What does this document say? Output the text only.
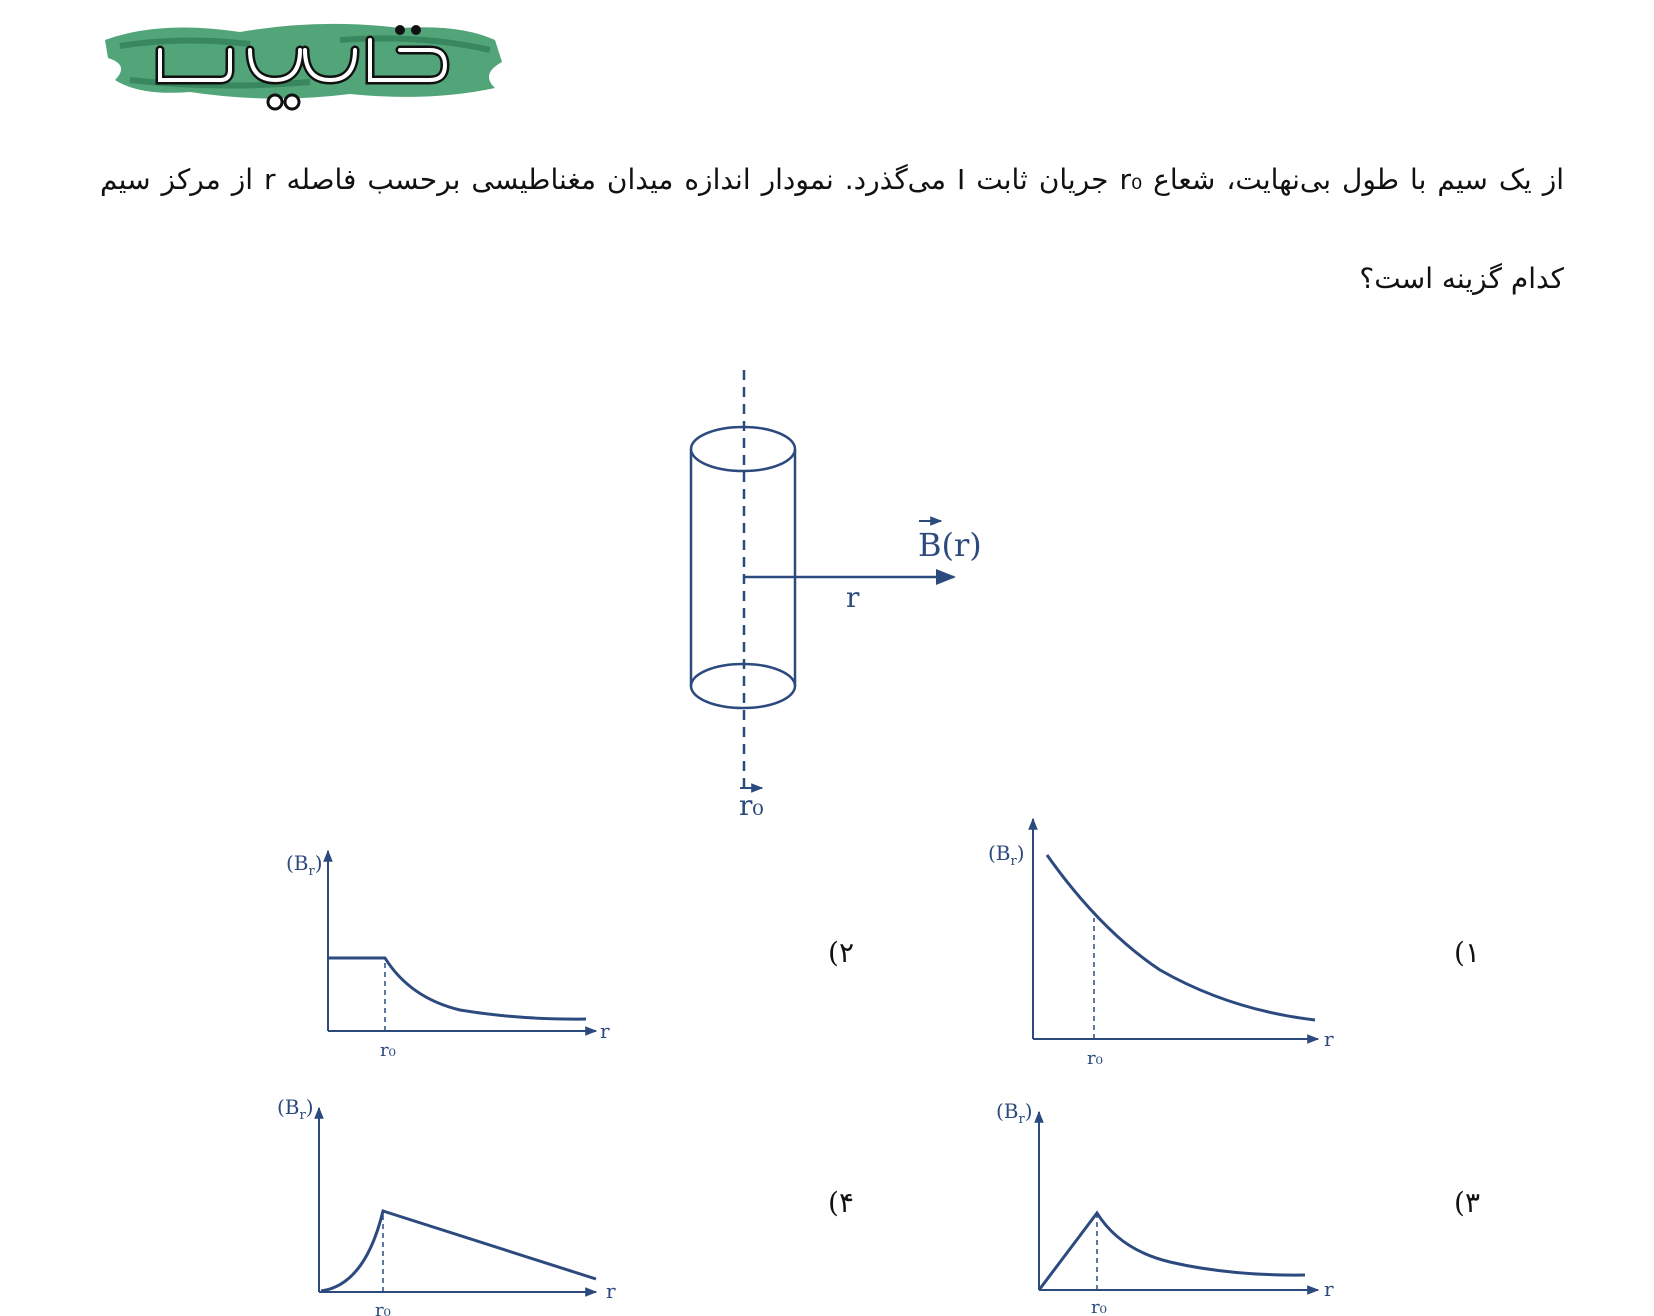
از یک سیم با طول بی‌نهایت، شعاع r₀ جریان ثابت I می‌گذرد. نمودار اندازه میدان مغناطیسی برحسب فاصله r از مرکز سیم
کدام گزینه است؟
B(r)
r
r₀
$(B_r)$
r
r₀
۱)
$(B_r)$
r
r₀
۲)
$(B_r)$
r
r₀
۳)
$(B_r)$
r
r₀
۴)
